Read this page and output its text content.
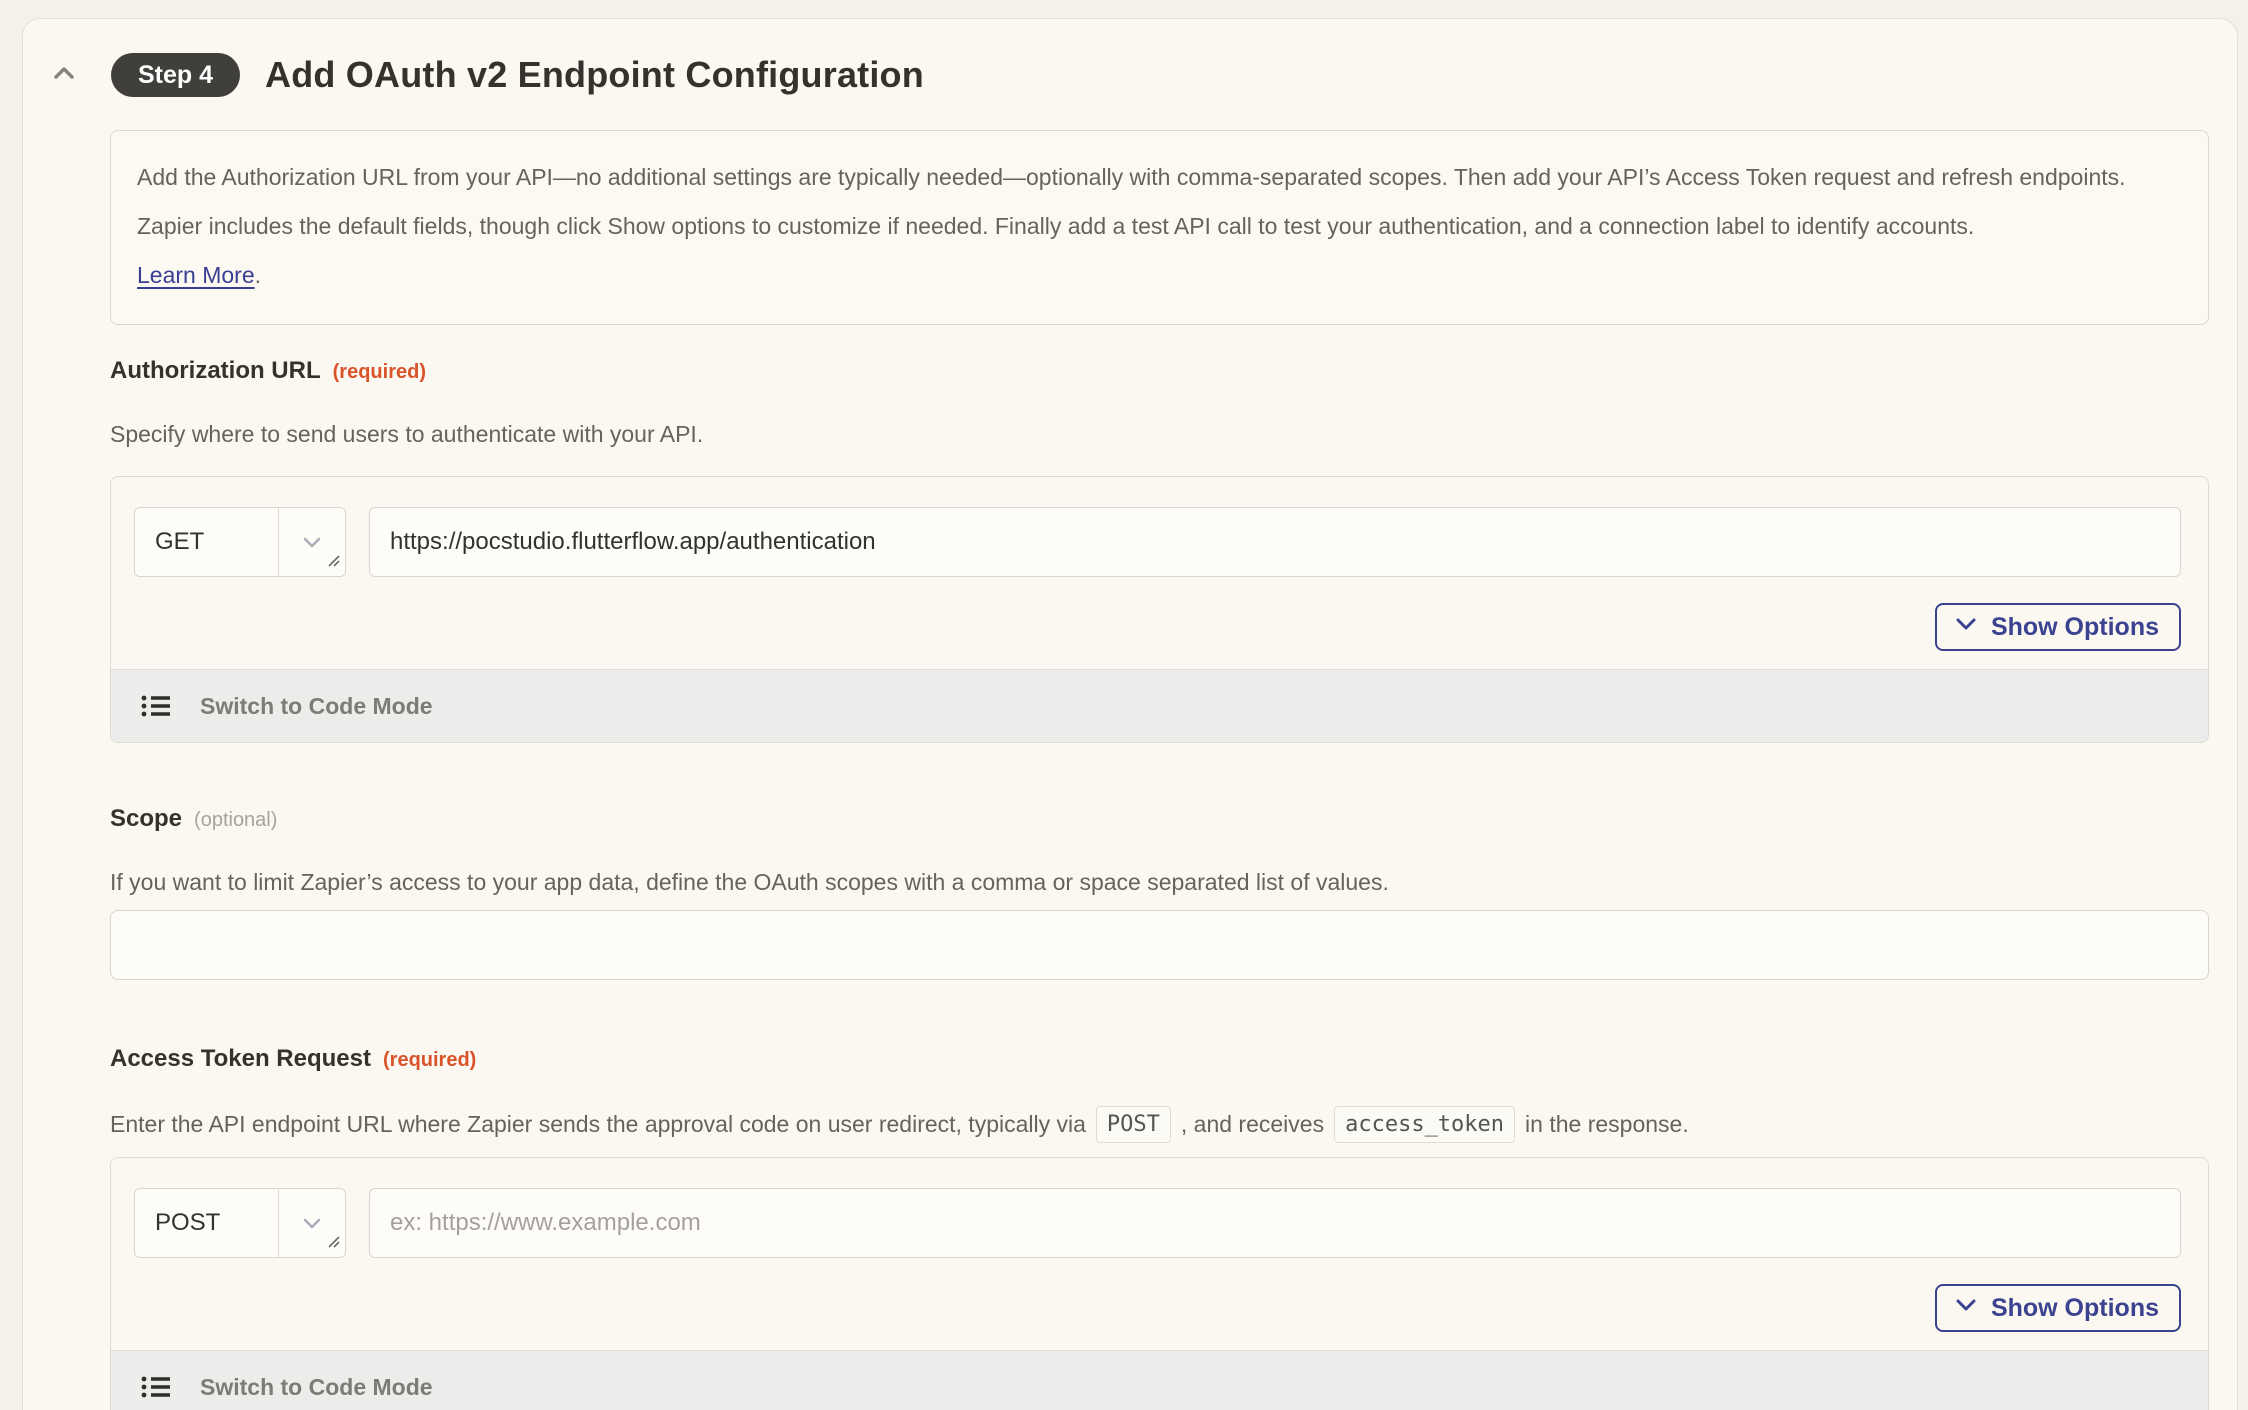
Step 4 Add OAuth v2 Endpoint Configuration
Add the Authorization URL from your API—no additional settings are typically needed—optionally with comma-separated scopes. Then add your API’s Access Token request and refresh endpoints. Zapier includes the default fields, though click Show options to customize if needed. Finally add a test API call to test your authentication, and a connection label to identify accounts.
Learn More.
Authorization URL (required)
Specify where to send users to authenticate with your API.
GET
https://pocstudio.flutterflow.app/authentication
Show Options
Switch to Code Mode
Scope (optional)
If you want to limit Zapier’s access to your app data, define the OAuth scopes with a comma or space separated list of values.
Access Token Request (required)
Enter the API endpoint URL where Zapier sends the approval code on user redirect, typically via POST , and receives access_token in the response.
POST
ex: https://www.example.com
Show Options
Switch to Code Mode
